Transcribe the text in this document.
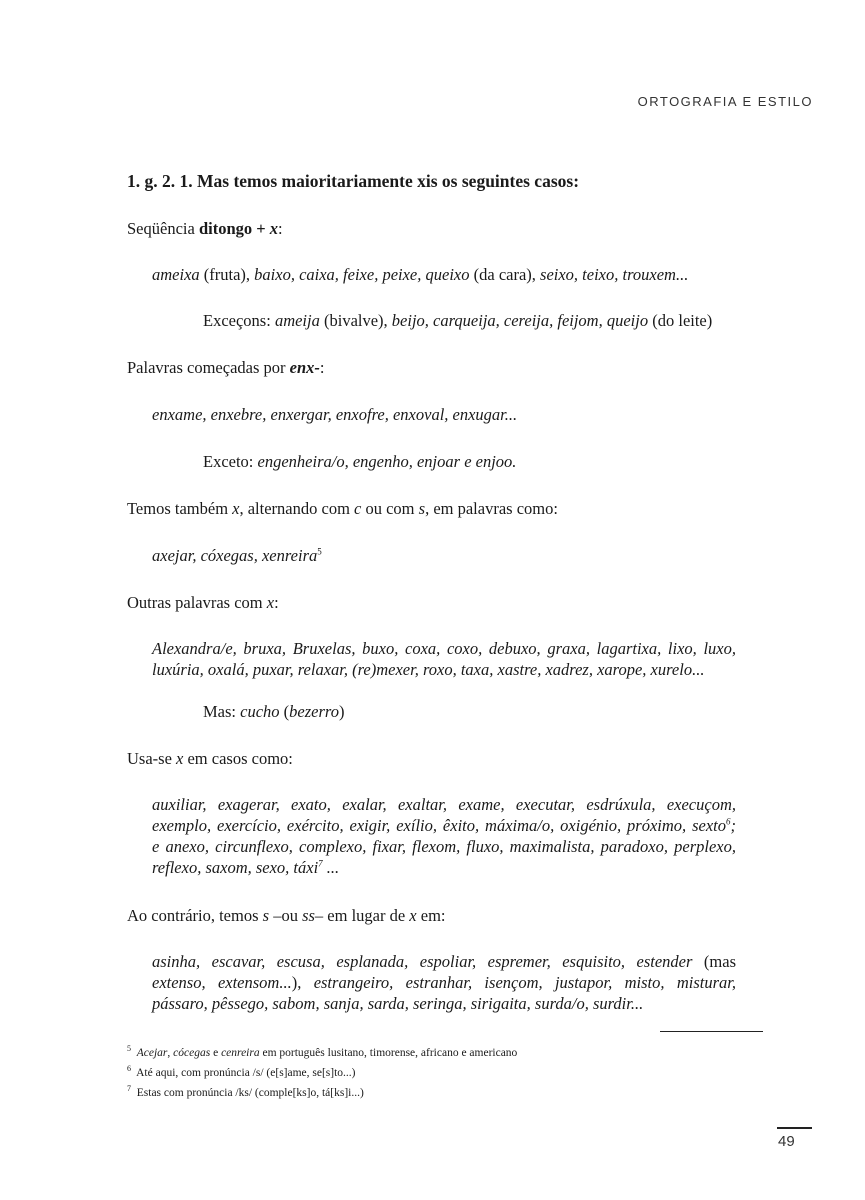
ORTOGRAFIA E ESTILO

1. g. 2. 1. Mas temos maioritariamente xis os seguintes casos:

Seqüência ditongo + x:

ameixa (fruta), baixo, caixa, feixe, peixe, queixo (da cara), seixo, teixo, trouxem...

Exceçons: ameija (bivalve), beijo, carqueija, cereija, feijom, queijo (do leite)

Palavras começadas por enx-:

enxame, enxebre, enxergar, enxofre, enxoval, enxugar...

Exceto: engenheira/o, engenho, enjoar e enjoo.

Temos também x, alternando com c ou com s, em palavras como:

axejar, cóxegas, xenreira$^5$

Outras palavras com x:

Alexandra/e, bruxa, Bruxelas, buxo, coxa, coxo, debuxo, graxa, lagartixa, lixo, luxo,
luxúria, oxalá, puxar, relaxar, (re)mexer, roxo, taxa, xastre, xadrez, xarope, xurelo...

Mas: cucho (bezerro)

Usa-se x em casos como:

auxiliar, exagerar, exato, exalar, exaltar, exame, executar, esdrúxula, execuçom,
exemplo, exercício, exército, exigir, exílio, êxito, máxima/o, oxigénio, próximo, sexto$^6$;
e anexo, circunflexo, complexo, fixar, flexom, fluxo, maximalista, paradoxo, perplexo,
reflexo, saxom, sexo, táxi$^7$ ...

Ao contrário, temos s –ou ss– em lugar de x em:

asinha, escavar, escusa, esplanada, espoliar, espremer, esquisito, estender (mas
extenso, extensom...), estrangeiro, estranhar, isençom, justapor, misto, misturar,
pássaro, pêssego, sabom, sanja, sarda, seringa, sirigaita, surda/o, surdir...
$^5$ Acejar, cócegas e cenreira em português lusitano, timorense, africano e americano
$^6$ Até aqui, com pronúncia /s/ (e[s]ame, se[s]to...)
$^7$ Estas com pronúncia /ks/ (comple[ks]o, tá[ks]i...)
49
